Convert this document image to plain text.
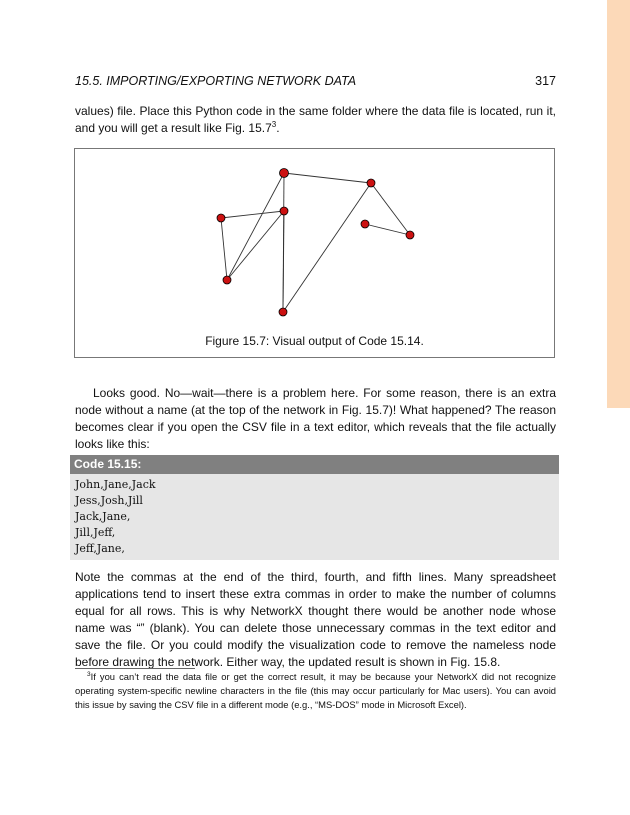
15.5. IMPORTING/EXPORTING NETWORK DATA	317

values) file. Place this Python code in the same folder where the data file is located, run it, and you will get a result like Fig. 15.7$^3$.

Figure 15.7: Visual output of Code 15.14.

Looks good. No—wait—there is a problem here. For some reason, there is an extra node without a name (at the top of the network in Fig. 15.7)! What happened? The reason becomes clear if you open the CSV file in a text editor, which reveals that the file actually looks like this:

Code 15.15:
John,Jane,Jack
Jess,Josh,Jill
Jack,Jane,
Jill,Jeff,
Jeff,Jane,

Note the commas at the end of the third, fourth, and fifth lines. Many spreadsheet applications tend to insert these extra commas in order to make the number of columns equal for all rows. This is why NetworkX thought there would be another node whose name was “” (blank). You can delete those unnecessary commas in the text editor and save the file. Or you could modify the visualization code to remove the nameless node before drawing the network. Either way, the updated result is shown in Fig. 15.8.

$^3$If you can’t read the data file or get the correct result, it may be because your NetworkX did not recognize operating system-specific newline characters in the file (this may occur particularly for Mac users). You can avoid this issue by saving the CSV file in a different mode (e.g., “MS-DOS” mode in Microsoft Excel).
